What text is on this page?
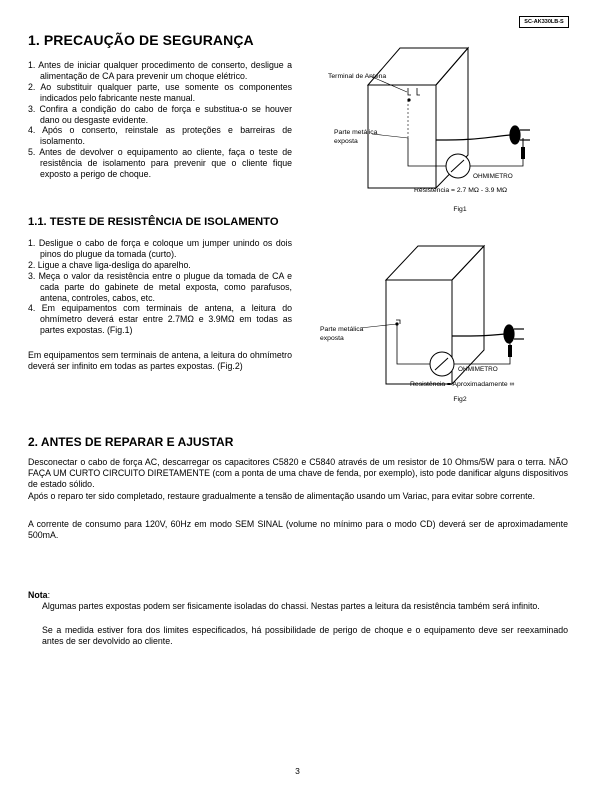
SC-AK330LB-S
1. PRECAUÇÃO DE SEGURANÇA
1. Antes de iniciar qualquer procedimento de conserto, desligue a alimentação de CA para prevenir um choque elétrico.
2. Ao substituir qualquer parte, use somente os componentes indicados pelo fabricante neste manual.
3. Confira a condição do cabo de força e substitua-o se houver dano ou desgaste evidente.
4. Após o conserto, reinstale as proteções e barreiras de isolamento.
5. Antes de devolver o equipamento ao cliente, faça o teste de resistência de isolamento para prevenir que o cliente fique exposto a perigo de choque.
1.1. TESTE DE RESISTÊNCIA DE ISOLAMENTO
1. Desligue o cabo de força e coloque um jumper unindo os dois pinos do plugue da tomada (curto).
2. Ligue a chave liga-desliga do aparelho.
3. Meça o valor da resistência entre o plugue da tomada de CA e cada parte do gabinete de metal exposta, como parafusos, antena, controles, cabos, etc.
4. Em equipamentos com terminais de antena, a leitura do ohmímetro deverá estar entre 2.7MΩ e 3.9MΩ em todas as partes expostas. (Fig.1)

Em equipamentos sem terminais de antena, a leitura do ohmímetro deverá ser infinito em todas as partes expostas. (Fig.2)

Terminal de Antena
Parte metálica
exposta
OHMIMETRO
Resistência = 2.7 MΩ - 3.9 MΩ
Fig1
Parte metálica
exposta
OHMIMETRO
Resistência = Aproximadamente ∞
Fig2
2. ANTES DE REPARAR E AJUSTAR

Desconectar o cabo de força AC, descarregar os capacitores C5820 e C5840 através de um resistor de 10 Ohms/5W para o terra. NÃO FAÇA UM CURTO CIRCUITO DIRETAMENTE (com a ponta de uma chave de fenda, por exemplo), isto pode danificar alguns dispositivos de estado sólido.

Após o reparo ter sido completado, restaure gradualmente a tensão de alimentação usando um Variac, para evitar sobre corrente.

A corrente de consumo para 120V, 60Hz em modo SEM SINAL (volume no mínimo para o modo CD) deverá ser de aproximadamente 500mA.

Nota:

Algumas partes expostas podem ser fisicamente isoladas do chassi. Nestas partes a leitura da resistência também será infinito.

Se a medida estiver fora dos limites especificados, há possibilidade de perigo de choque e o equipamento deve ser reexaminado antes de ser devolvido ao cliente.

3
